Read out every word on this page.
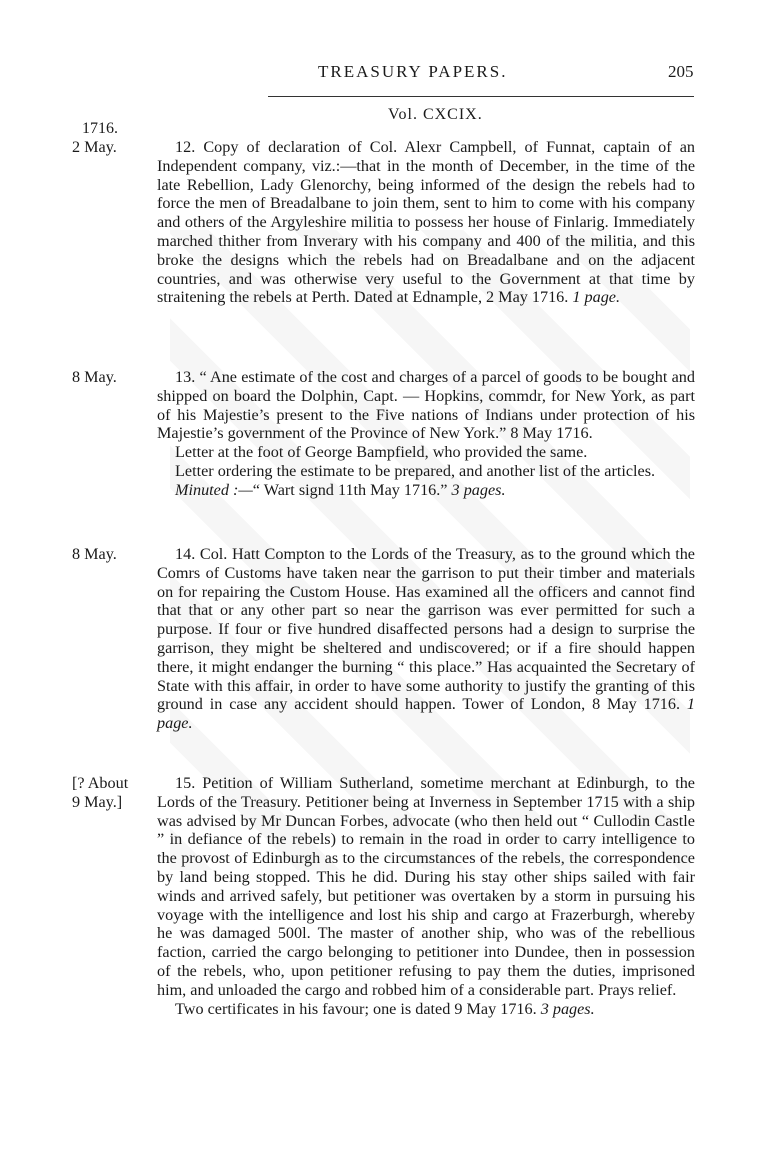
TREASURY PAPERS.	205
Vol. CXCIX.
1716.
2 May.	12. Copy of declaration of Col. Alexr Campbell, of Funnat, captain of an Independent company, viz.:—that in the month of December, in the time of the late Rebellion, Lady Glenorchy, being informed of the design the rebels had to force the men of Breadalbane to join them, sent to him to come with his company and others of the Argyleshire militia to possess her house of Finlarig. Immediately marched thither from Inverary with his company and 400 of the militia, and this broke the designs which the rebels had on Breadalbane and on the adjacent countries, and was otherwise very useful to the Government at that time by straitening the rebels at Perth. Dated at Ednample, 2 May 1716. 1 page.

8 May.	13. “ Ane estimate of the cost and charges of a parcel of goods to be bought and shipped on board the Dolphin, Capt. — Hopkins, commdr, for New York, as part of his Majestie’s present to the Five nations of Indians under protection of his Majestie’s government of the Province of New York.” 8 May 1716.

Letter at the foot of George Bampfield, who provided the same.

Letter ordering the estimate to be prepared, and another list of the articles.

Minuted :—“ Wart signd 11th May 1716.” 3 pages.

8 May.	14. Col. Hatt Compton to the Lords of the Treasury, as to the ground which the Comrs of Customs have taken near the garrison to put their timber and materials on for repairing the Custom House. Has examined all the officers and cannot find that that or any other part so near the garrison was ever permitted for such a purpose. If four or five hundred disaffected persons had a design to surprise the garrison, they might be sheltered and undiscovered; or if a fire should happen there, it might endanger the burning “ this place.” Has acquainted the Secretary of State with this affair, in order to have some authority to justify the granting of this ground in case any accident should happen. Tower of London, 8 May 1716. 1 page.

[? About
9 May.]

15. Petition of William Sutherland, sometime merchant at Edinburgh, to the Lords of the Treasury. Petitioner being at Inverness in September 1715 with a ship was advised by Mr Duncan Forbes, advocate (who then held out “ Cullodin Castle ” in defiance of the rebels) to remain in the road in order to carry intelligence to the provost of Edinburgh as to the circumstances of the rebels, the correspondence by land being stopped. This he did. During his stay other ships sailed with fair winds and arrived safely, but petitioner was overtaken by a storm in pursuing his voyage with the intelligence and lost his ship and cargo at Frazerburgh, whereby he was damaged 500l. The master of another ship, who was of the rebellious faction, carried the cargo belonging to petitioner into Dundee, then in possession of the rebels, who, upon petitioner refusing to pay them the duties, imprisoned him, and unloaded the cargo and robbed him of a considerable part. Prays relief.

Two certificates in his favour; one is dated 9 May 1716. 3 pages.
